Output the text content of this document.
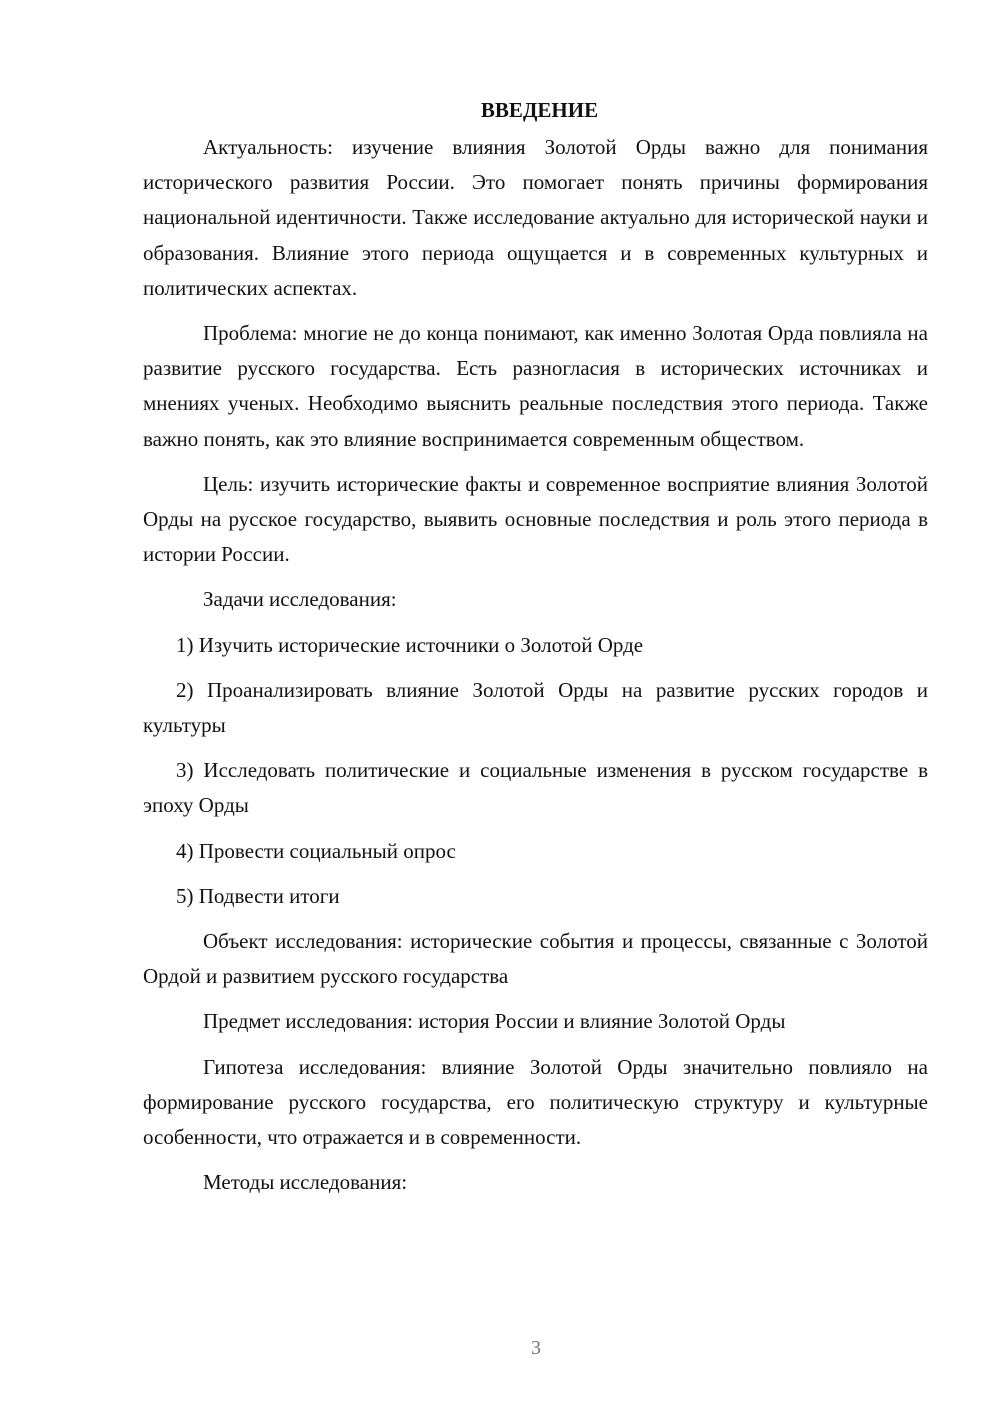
ВВЕДЕНИЕ

Актуальность: изучение влияния Золотой Орды важно для понимания исторического развития России. Это помогает понять причины формирования национальной идентичности. Также исследование актуально для исторической науки и образования. Влияние этого периода ощущается и в современных культурных и политических аспектах.

Проблема: многие не до конца понимают, как именно Золотая Орда повлияла на развитие русского государства. Есть разногласия в исторических источниках и мнениях ученых. Необходимо выяснить реальные последствия этого периода. Также важно понять, как это влияние воспринимается современным обществом.

Цель: изучить исторические факты и современное восприятие влияния Золотой Орды на русское государство, выявить основные последствия и роль этого периода в истории России.

Задачи исследования:

1) Изучить исторические источники о Золотой Орде

2) Проанализировать влияние Золотой Орды на развитие русских городов и культуры

3) Исследовать политические и социальные изменения в русском государстве в эпоху Орды

4) Провести социальный опрос

5) Подвести итоги

Объект исследования: исторические события и процессы, связанные с Золотой Ордой и развитием русского государства

Предмет исследования: история России и влияние Золотой Орды

Гипотеза исследования: влияние Золотой Орды значительно повлияло на формирование русского государства, его политическую структуру и культурные особенности, что отражается и в современности.

Методы исследования:

3
